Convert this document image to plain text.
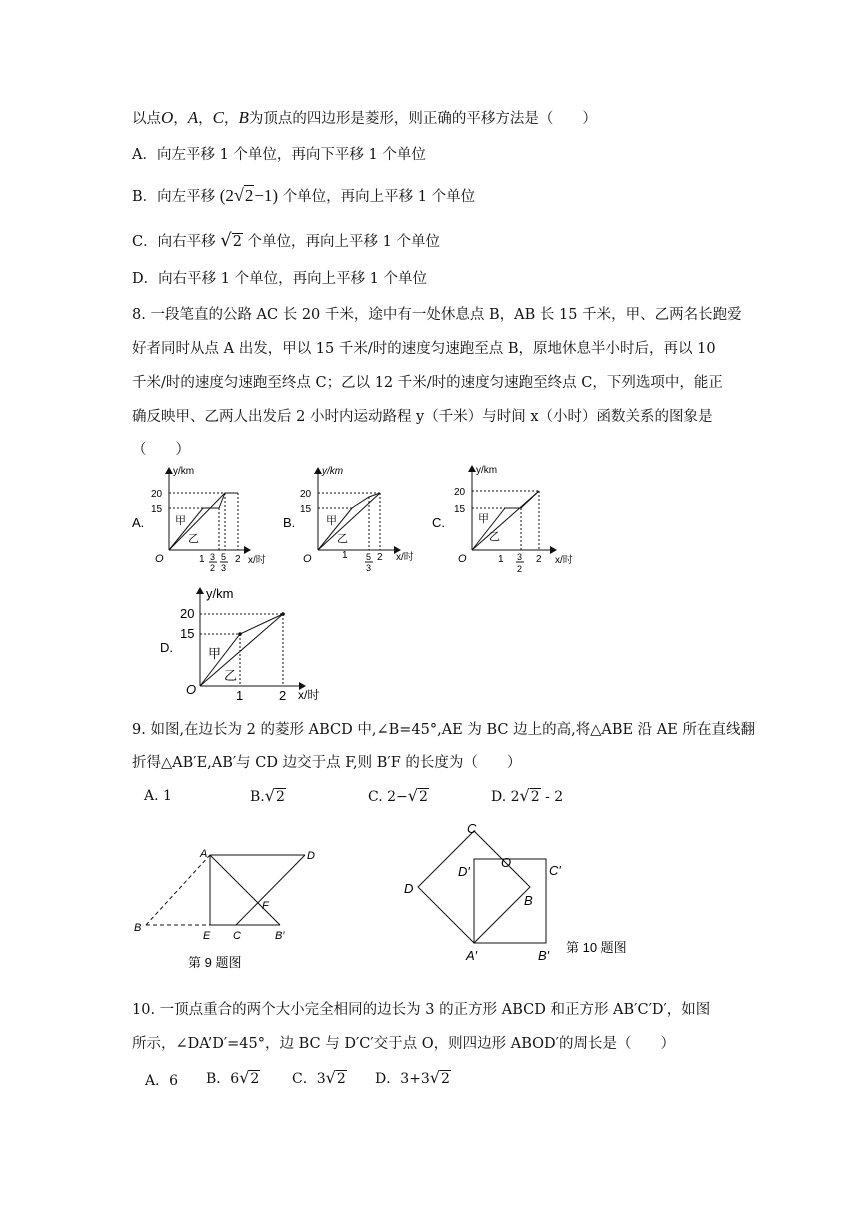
以点O，A，C，B为顶点的四边形是菱形，则正确的平移方法是（　　）
A．向左平移 1 个单位，再向下平移 1 个单位
B．向左平移 (2√2−1) 个单位，再向上平移 1 个单位
C．向右平移 √2 个单位，再向上平移 1 个单位
D．向右平移 1 个单位，再向上平移 1 个单位
8. 一段笔直的公路 AC 长 20 千米，途中有一处休息点 B，AB 长 15 千米，甲、乙两名长跑爱
好者同时从点 A 出发，甲以 15 千米/时的速度匀速跑至点 B，原地休息半小时后，再以 10
千米/时的速度匀速跑至终点 C；乙以 12 千米/时的速度匀速跑至终点 C，下列选项中，能正
确反映甲、乙两人出发后 2 小时内运动路程 y（千米）与时间 x（小时）函数关系的图象是
（　　）
A.
y/km
x/时
O
20
15
甲
乙
1 3
2
5
3
2
B.
y/km
x/时
O
20
15
甲
乙
1 5
3
2
C.
y/km
x/时
O
20
15
甲
乙
1 3
2
2
D.
y/km
x/时
O
20
15
甲
乙
1	2
9. 如图,在边长为 2 的菱形 ABCD 中,∠B=45°,AE 为 BC 边上的高,将△ABE 沿 AE 所在直线翻
折得△AB′E,AB′与 CD 边交于点 F,则 B′F 的长度为（　　）
A. 1	B.√2	C. 2−√2	D. 2√2 - 2
A	D
F
B
E C	B′
第 9 题图
C
O
D′	C′
D
B
A′	B′
第 10 题图
10. 一顶点重合的两个大小完全相同的边长为 3 的正方形 ABCD 和正方形 AB′C′D′，如图
所示，∠DA’D′=45°，边 BC 与 D′C′交于点 O，则四边形 ABOD′的周长是（　　）
A．6 B．6√2 C．3√2 D．3+3√2
